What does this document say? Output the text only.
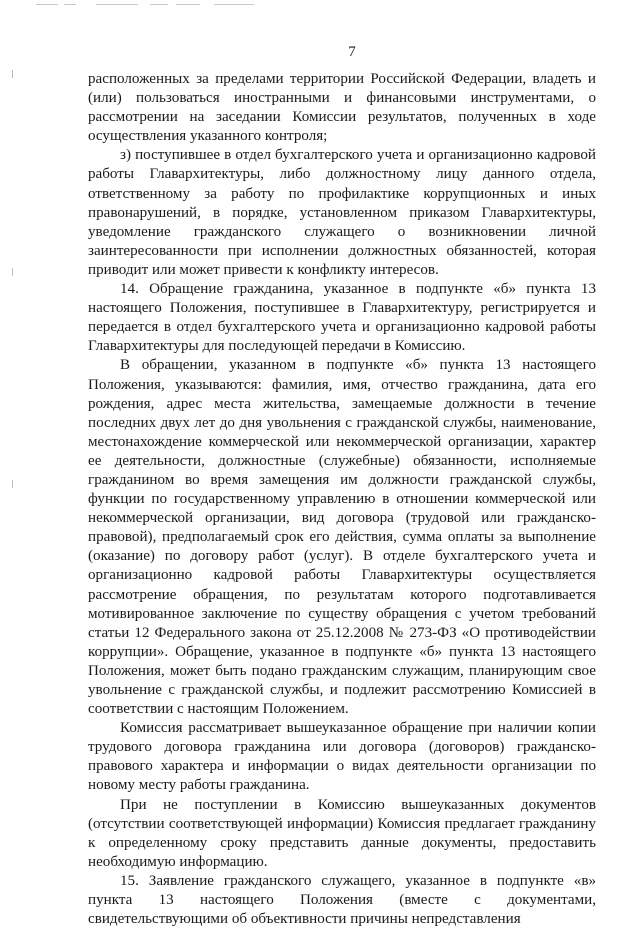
7

расположенных за пределами территории Российской Федерации, владеть и (или) пользоваться иностранными и финансовыми инструментами, о рассмотрении на заседании Комиссии результатов, полученных в ходе осуществления указанного контроля;

з) поступившее в отдел бухгалтерского учета и организационно кадровой работы Главархитектуры, либо должностному лицу данного отдела, ответственному за работу по профилактике коррупционных и иных правонарушений, в порядке, установленном приказом Главархитектуры, уведомление гражданского служащего о возникновении личной заинтересованности при исполнении должностных обязанностей, которая приводит или может привести к конфликту интересов.

14. Обращение гражданина, указанное в подпункте «б» пункта 13 настоящего Положения, поступившее в Главархитектуру, регистрируется и передается в отдел бухгалтерского учета и организационно кадровой работы Главархитектуры для последующей передачи в Комиссию.

В обращении, указанном в подпункте «б» пункта 13 настоящего Положения, указываются: фамилия, имя, отчество гражданина, дата его рождения, адрес места жительства, замещаемые должности в течение последних двух лет до дня увольнения с гражданской службы, наименование, местонахождение коммерческой или некоммерческой организации, характер ее деятельности, должностные (служебные) обязанности, исполняемые гражданином во время замещения им должности гражданской службы, функции по государственному управлению в отношении коммерческой или некоммерческой организации, вид договора (трудовой или гражданско-правовой), предполагаемый срок его действия, сумма оплаты за выполнение (оказание) по договору работ (услуг). В отделе бухгалтерского учета и организационно кадровой работы Главархитектуры осуществляется рассмотрение обращения, по результатам которого подготавливается мотивированное заключение по существу обращения с учетом требований статьи 12 Федерального закона от 25.12.2008 № 273-ФЗ «О противодействии коррупции». Обращение, указанное в подпункте «б» пункта 13 настоящего Положения, может быть подано гражданским служащим, планирующим свое увольнение с гражданской службы, и подлежит рассмотрению Комиссией в соответствии с настоящим Положением.

Комиссия рассматривает вышеуказанное обращение при наличии копии трудового договора гражданина или договора (договоров) гражданско-правового характера и информации о видах деятельности организации по новому месту работы гражданина.

При не поступлении в Комиссию вышеуказанных документов (отсутствии соответствующей информации) Комиссия предлагает гражданину к определенному сроку представить данные документы, предоставить необходимую информацию.

15. Заявление гражданского служащего, указанное в подпункте «в» пункта 13 настоящего Положения (вместе с документами, свидетельствующими об объективности причины непредставления
